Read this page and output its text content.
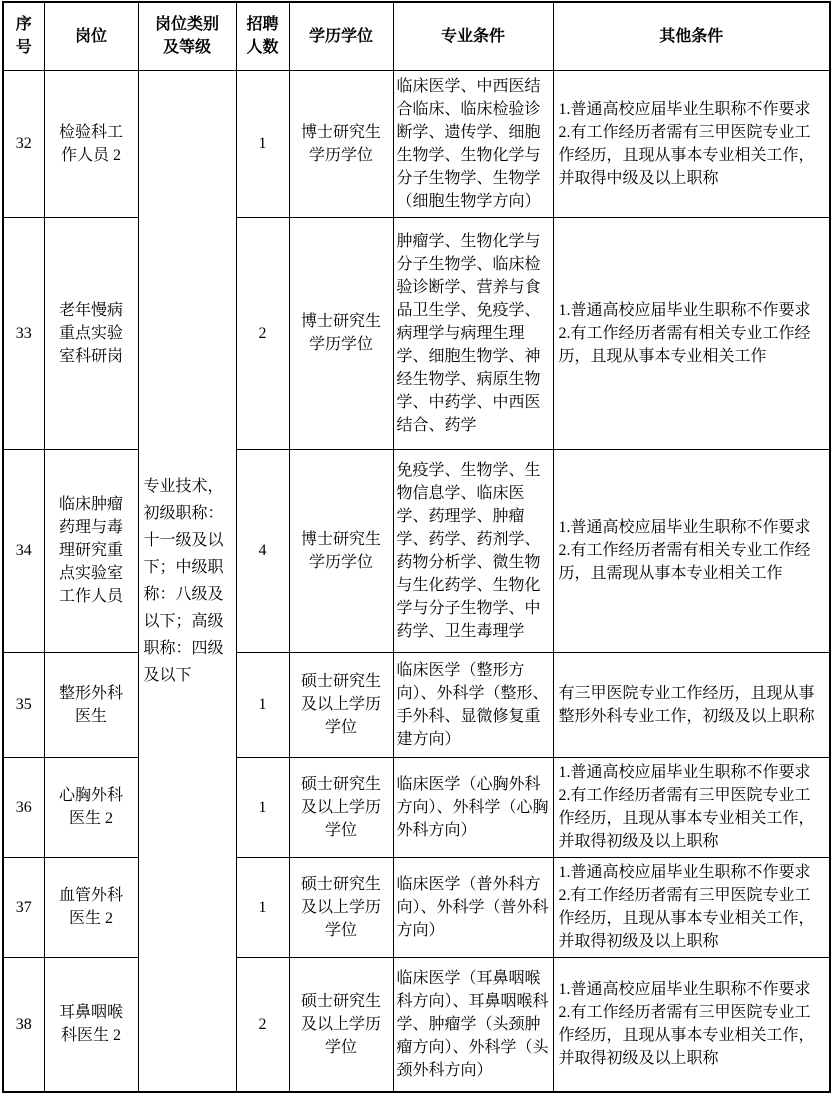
序号	岗位	岗位类别及等级	招聘人数	学历学位	专业条件	其他条件
32	检验科工作人员 2	专业技术，初级职称：十一级及以下；中级职称：八级及以下；高级职称：四级及以下	1	博士研究生学历学位	临床医学、中西医结合临床、临床检验诊断学、遗传学、细胞生物学、生物化学与分子生物学、生物学（细胞生物学方向）	1.普通高校应届毕业生职称不作要求
2.有工作经历者需有三甲医院专业工作经历，且现从事本专业相关工作，并取得中级及以上职称

33	老年慢病重点实验室科研岗		2	博士研究生学历学位	肿瘤学、生物化学与分子生物学、临床检验诊断学、营养与食品卫生学、免疫学、病理学与病理生理学、细胞生物学、神经生物学、病原生物学、中药学、中西医结合、药学	1.普通高校应届毕业生职称不作要求
2.有工作经历者需有相关专业工作经历，且现从事本专业相关工作

34	临床肿瘤药理与毒理研究重点实验室工作人员		4	博士研究生学历学位	免疫学、生物学、生物信息学、临床医学、药理学、肿瘤学、药学、药剂学、药物分析学、微生物与生化药学、生物化学与分子生物学、中药学、卫生毒理学	1.普通高校应届毕业生职称不作要求
2.有工作经历者需有相关专业工作经历，且需现从事本专业相关工作

35	整形外科医生		1	硕士研究生及以上学历学位	临床医学（整形方向）、外科学（整形、手外科、显微修复重建方向）	有三甲医院专业工作经历，且现从事整形外科专业工作，初级及以上职称

36	心胸外科医生 2		1	硕士研究生及以上学历学位	临床医学（心胸外科方向）、外科学（心胸外科方向）	1.普通高校应届毕业生职称不作要求
2.有工作经历者需有三甲医院专业工作经历，且现从事本专业相关工作，并取得初级及以上职称

37	血管外科医生 2		1	硕士研究生及以上学历学位	临床医学（普外科方向）、外科学（普外科方向）	1.普通高校应届毕业生职称不作要求
2.有工作经历者需有三甲医院专业工作经历，且现从事本专业相关工作，并取得初级及以上职称

38	耳鼻咽喉科医生 2		2	硕士研究生及以上学历学位	临床医学（耳鼻咽喉科方向）、耳鼻咽喉科学、肿瘤学（头颈肿瘤方向）、外科学（头颈外科方向）	1.普通高校应届毕业生职称不作要求
2.有工作经历者需有三甲医院专业工作经历，且现从事本专业相关工作，并取得初级及以上职称
